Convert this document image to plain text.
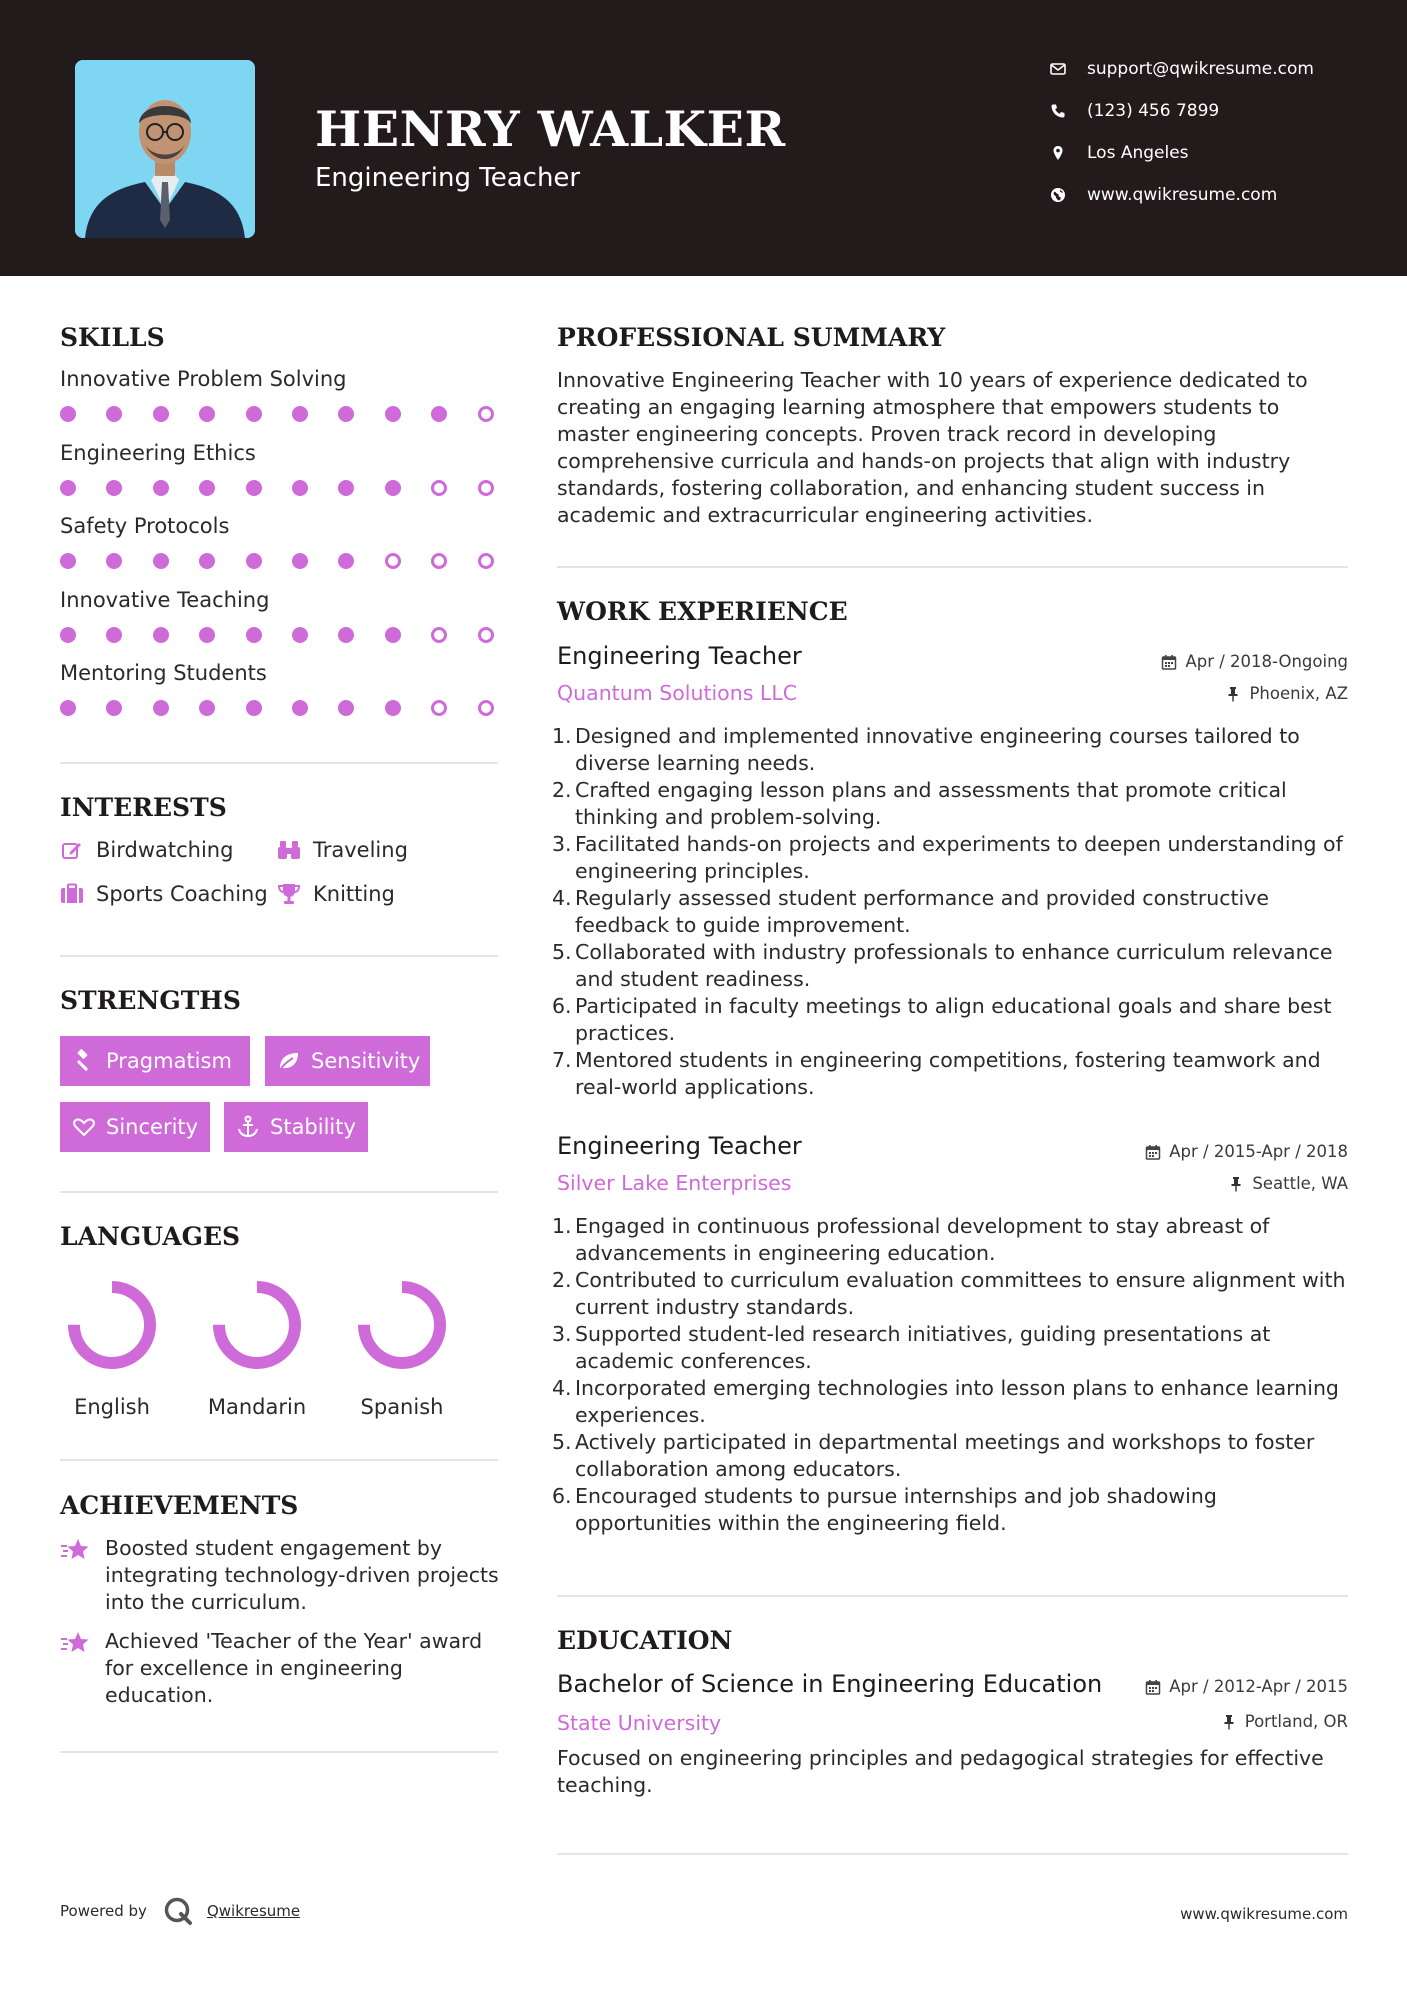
HENRY WALKER
Engineering Teacher
support@qwikresume.com
(123) 456 7899
Los Angeles
www.qwikresume.com
SKILLS
Innovative Problem Solving
Engineering Ethics
Safety Protocols
Innovative Teaching
Mentoring Students
INTERESTS
Birdwatching	Traveling
Sports Coaching Knitting
STRENGTHS
Pragmatism	Sensitivity
Sincerity	Stability
LANGUAGES
English	Mandarin	Spanish
ACHIEVEMENTS
Boosted student engagement by integrating technology-driven projects into the curriculum.
Achieved 'Teacher of the Year' award for excellence in engineering education.
PROFESSIONAL SUMMARY

Innovative Engineering Teacher with 10 years of experience dedicated to creating an engaging learning atmosphere that empowers students to master engineering concepts. Proven track record in developing comprehensive curricula and hands-on projects that align with industry standards, fostering collaboration, and enhancing student success in academic and extracurricular engineering activities.

WORK EXPERIENCE
Engineering Teacher	Apr / 2018-Ongoing
Quantum Solutions LLC	Phoenix, AZ
1. Designed and implemented innovative engineering courses tailored to diverse learning needs.
2. Crafted engaging lesson plans and assessments that promote critical thinking and problem-solving.
3. Facilitated hands-on projects and experiments to deepen understanding of engineering principles.
4. Regularly assessed student performance and provided constructive feedback to guide improvement.
5. Collaborated with industry professionals to enhance curriculum relevance and student readiness.
6. Participated in faculty meetings to align educational goals and share best practices.
7. Mentored students in engineering competitions, fostering teamwork and real-world applications.
Engineering Teacher	Apr / 2015-Apr / 2018
Silver Lake Enterprises	Seattle, WA
1. Engaged in continuous professional development to stay abreast of advancements in engineering education.
2. Contributed to curriculum evaluation committees to ensure alignment with current industry standards.
3. Supported student-led research initiatives, guiding presentations at academic conferences.
4. Incorporated emerging technologies into lesson plans to enhance learning experiences.
5. Actively participated in departmental meetings and workshops to foster collaboration among educators.
6. Encouraged students to pursue internships and job shadowing opportunities within the engineering field.
EDUCATION
Bachelor of Science in Engineering Education	Apr / 2012-Apr / 2015
State University	Portland, OR

Focused on engineering principles and pedagogical strategies for effective teaching.

Powered by	Qwikresume	www.qwikresume.com
